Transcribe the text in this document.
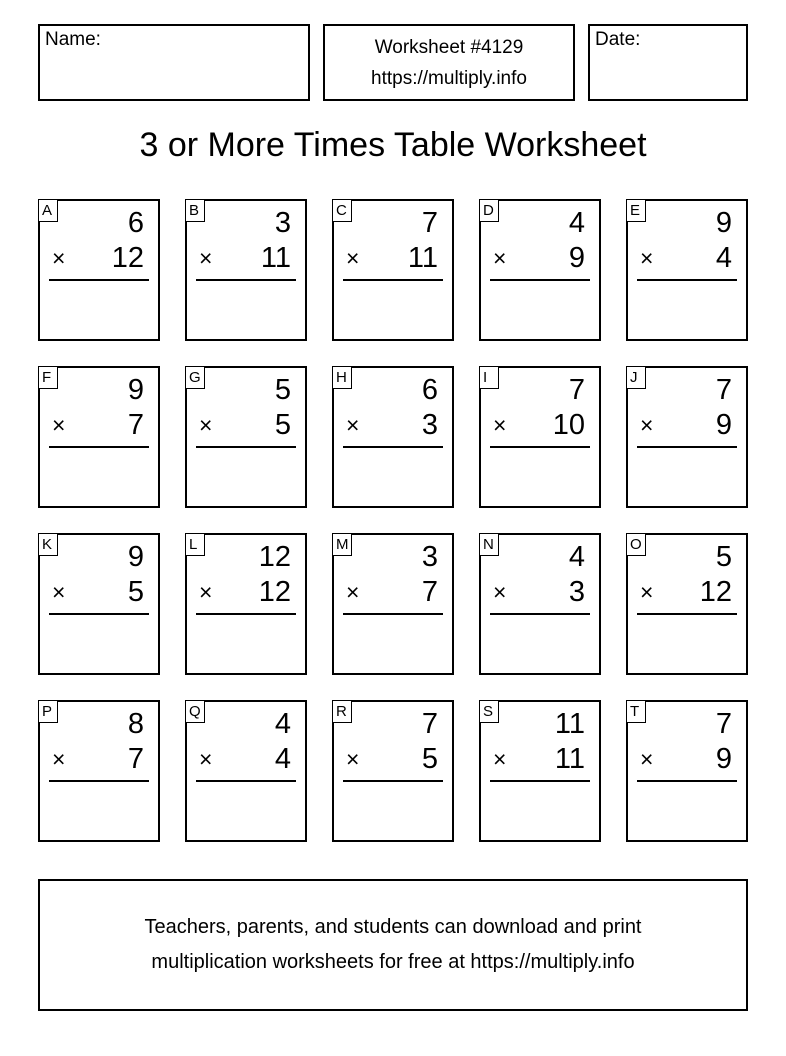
Name:	Worksheet #4129
https://multiply.info
Date:
3 or More Times Table Worksheet
A	6
× 12
B	3
× 11
C	7
× 11
D	4
× 9
E	9
× 4
F	9
× 7
G	5
× 5
H	6
× 3
I	7
× 10
J	7
× 9
K	9
× 5
L 12
× 12
M	3
× 7
N	4
× 3
O	5
× 12
P	8
× 7
Q	4
× 4
R	7
× 5
S 11
× 11
T	7
× 9
Teachers, parents, and students can download and print
multiplication worksheets for free at https://multiply.info
